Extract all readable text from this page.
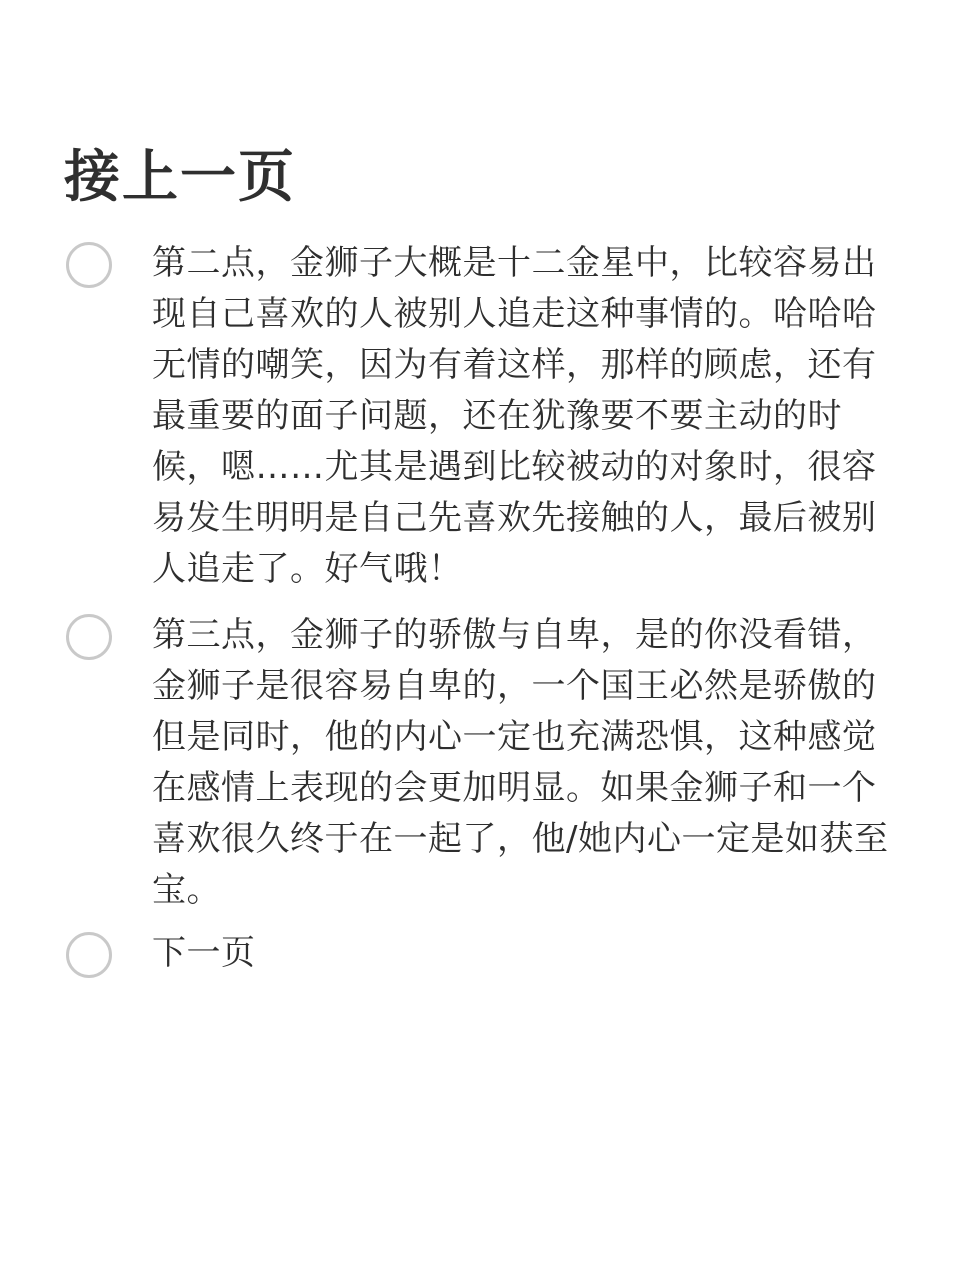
接上一页
第二点，金狮子大概是十二金星中，比较容易出现自己喜欢的人被别人追走这种事情的。哈哈哈无情的嘲笑，因为有着这样，那样的顾虑，还有最重要的面子问题，还在犹豫要不要主动的时候，嗯……尤其是遇到比较被动的对象时，很容易发生明明是自己先喜欢先接触的人，最后被别人追走了。好气哦！
第三点，金狮子的骄傲与自卑，是的你没看错，金狮子是很容易自卑的，一个国王必然是骄傲的但是同时，他的内心一定也充满恐惧，这种感觉在感情上表现的会更加明显。如果金狮子和一个喜欢很久终于在一起了，他/她内心一定是如获至宝。
下一页
